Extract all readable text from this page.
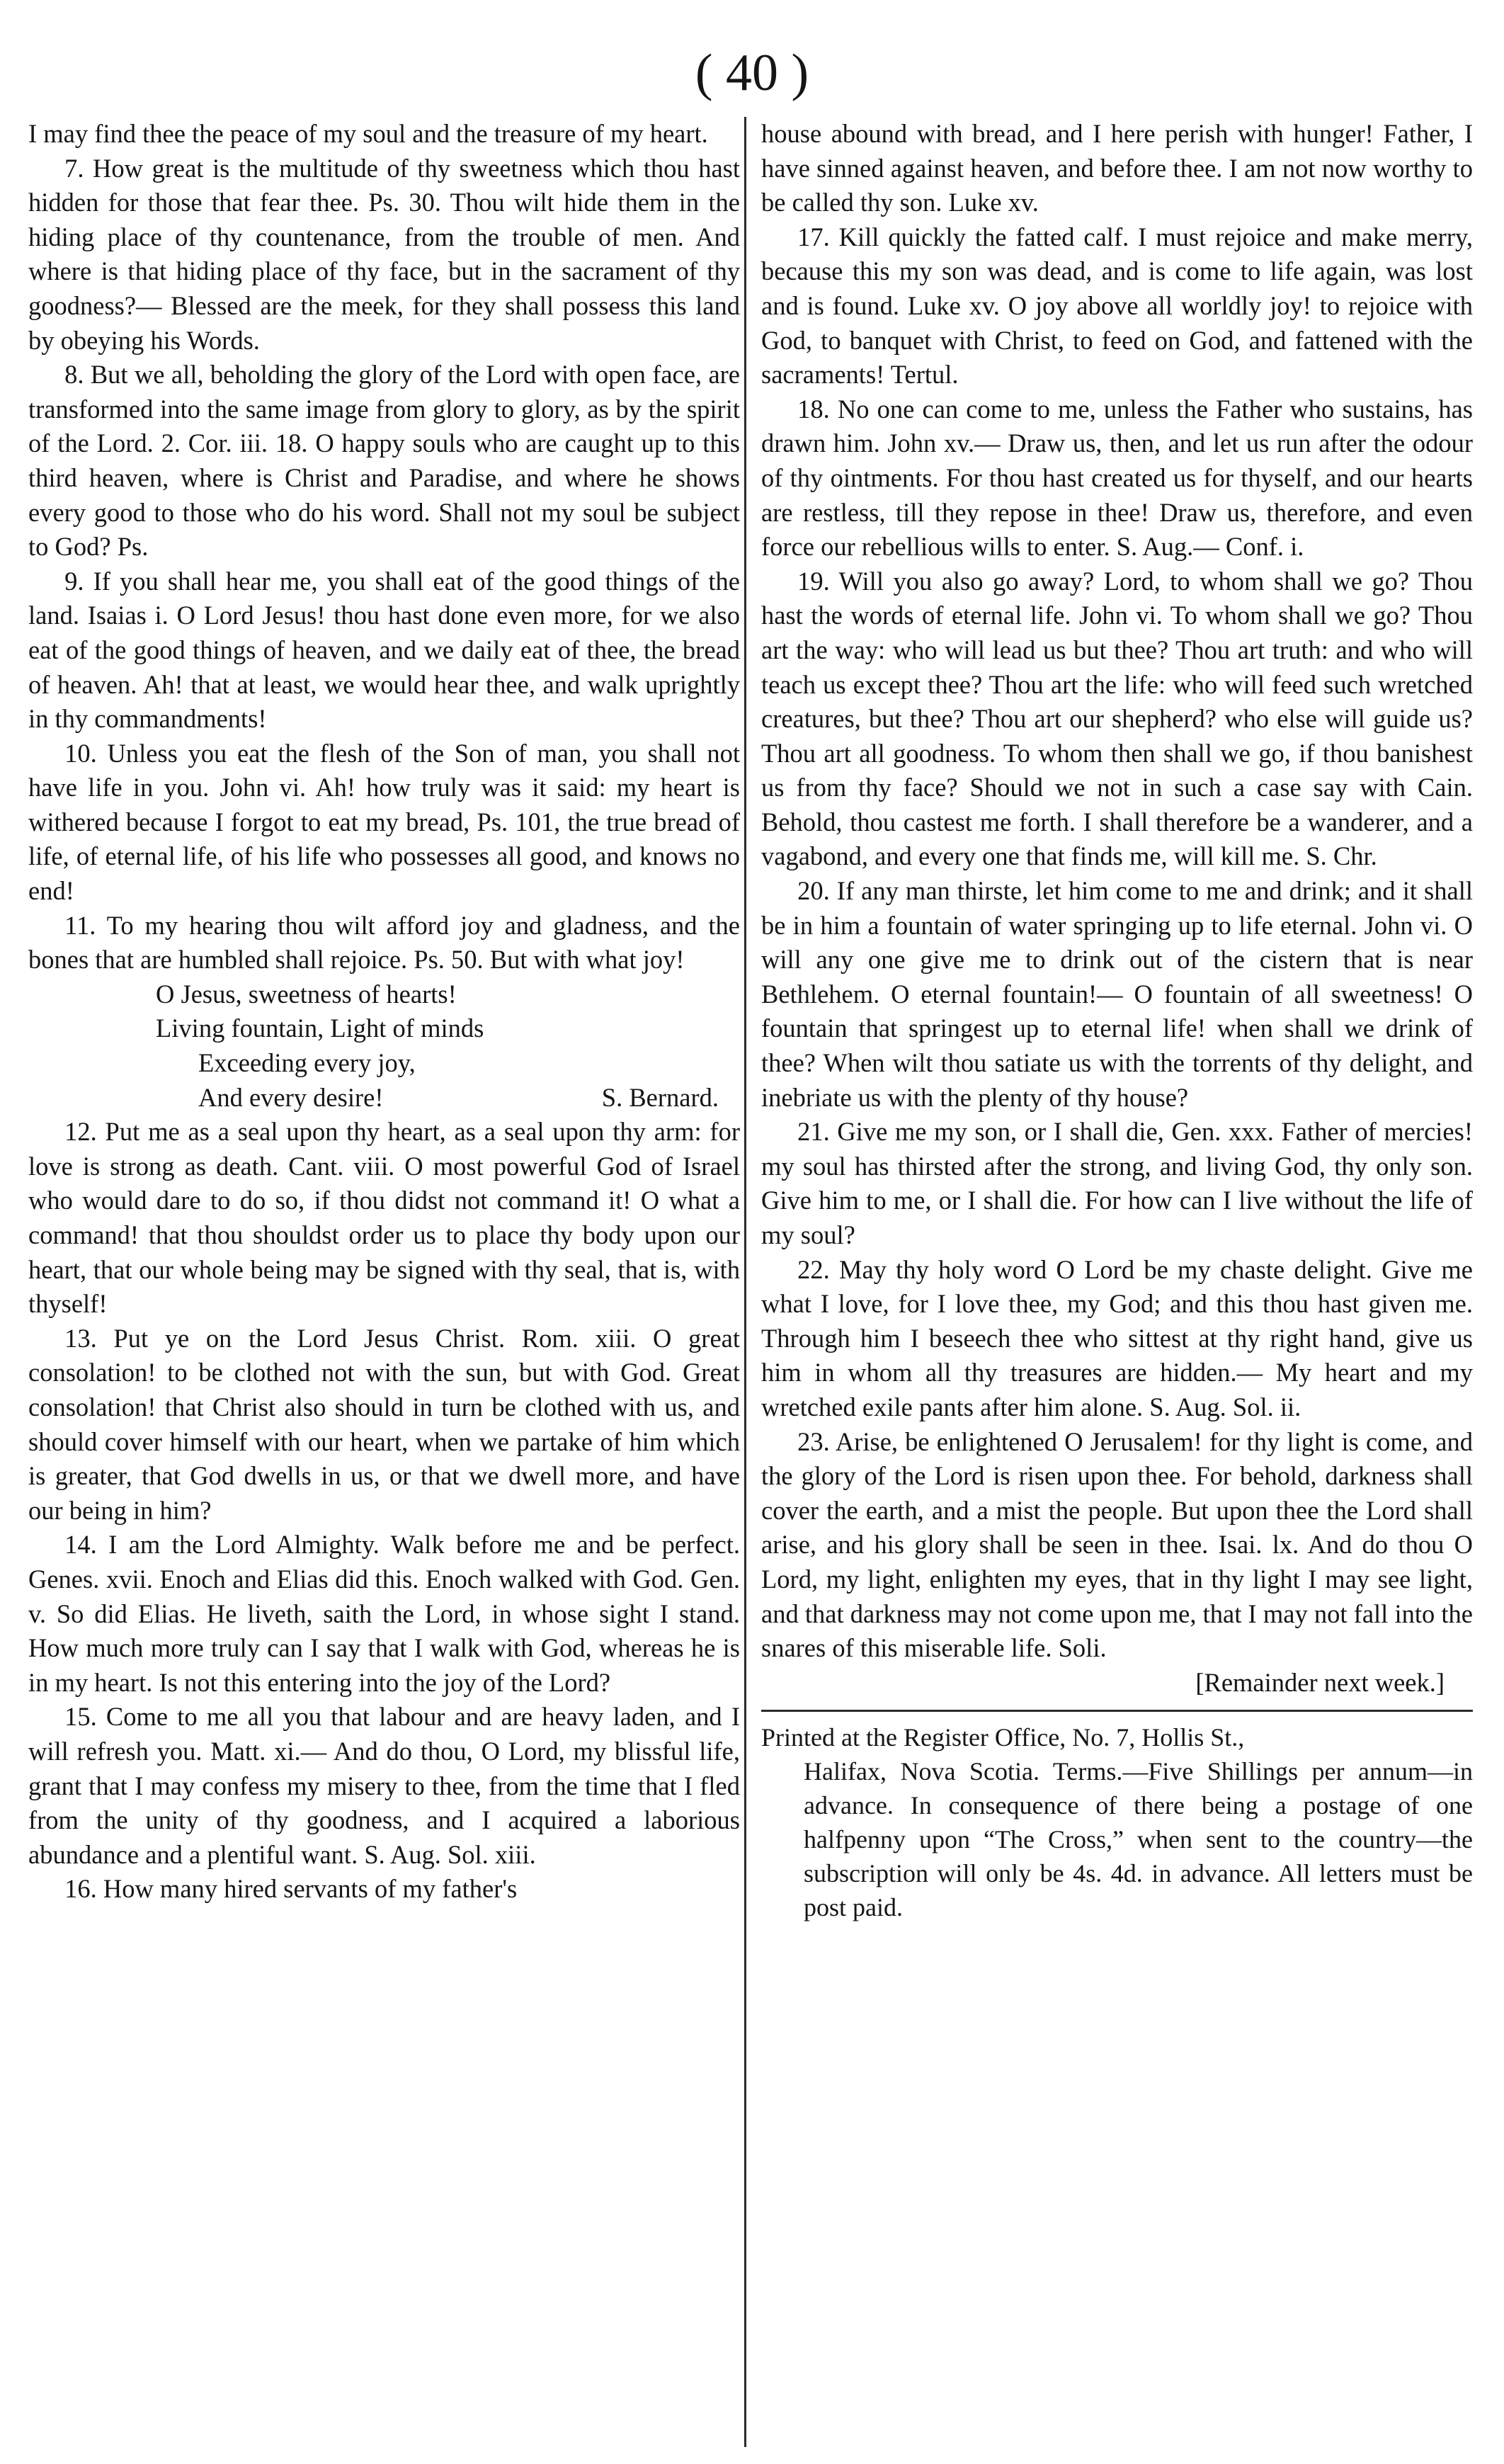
( 40 )

I may find thee the peace of my soul and the treasure of my heart.

7. How great is the multitude of thy sweetness which thou hast hidden for those that fear thee. Ps. 30. Thou wilt hide them in the hiding place of thy countenance, from the trouble of men. And where is that hiding place of thy face, but in the sacrament of thy goodness?— Blessed are the meek, for they shall possess this land by obeying his Words.

8. But we all, beholding the glory of the Lord with open face, are transformed into the same image from glory to glory, as by the spirit of the Lord. 2. Cor. iii. 18. O happy souls who are caught up to this third heaven, where is Christ and Paradise, and where he shows every good to those who do his word. Shall not my soul be subject to God? Ps.

9. If you shall hear me, you shall eat of the good things of the land. Isaias i. O Lord Jesus! thou hast done even more, for we also eat of the good things of heaven, and we daily eat of thee, the bread of heaven. Ah! that at least, we would hear thee, and walk uprightly in thy commandments!

10. Unless you eat the flesh of the Son of man, you shall not have life in you. John vi. Ah! how truly was it said: my heart is withered because I forgot to eat my bread, Ps. 101, the true bread of life, of eternal life, of his life who possesses all good, and knows no end!

11. To my hearing thou wilt afford joy and gladness, and the bones that are humbled shall rejoice. Ps. 50. But with what joy!

O Jesus, sweetness of hearts!
Living fountain, Light of minds
Exceeding every joy,
And every desire!	S. Bernard.

12. Put me as a seal upon thy heart, as a seal upon thy arm: for love is strong as death. Cant. viii. O most powerful God of Israel who would dare to do so, if thou didst not command it! O what a command! that thou shouldst order us to place thy body upon our heart, that our whole being may be signed with thy seal, that is, with thyself!

13. Put ye on the Lord Jesus Christ. Rom. xiii. O great consolation! to be clothed not with the sun, but with God. Great consolation! that Christ also should in turn be clothed with us, and should cover himself with our heart, when we partake of him which is greater, that God dwells in us, or that we dwell more, and have our being in him?

14. I am the Lord Almighty. Walk before me and be perfect. Genes. xvii. Enoch and Elias did this. Enoch walked with God. Gen. v. So did Elias. He liveth, saith the Lord, in whose sight I stand. How much more truly can I say that I walk with God, whereas he is in my heart. Is not this entering into the joy of the Lord?

15. Come to me all you that labour and are heavy laden, and I will refresh you. Matt. xi.— And do thou, O Lord, my blissful life, grant that I may confess my misery to thee, from the time that I fled from the unity of thy goodness, and I acquired a laborious abundance and a plentiful want. S. Aug. Sol. xiii.

16. How many hired servants of my father's

house abound with bread, and I here perish with hunger! Father, I have sinned against heaven, and before thee. I am not now worthy to be called thy son. Luke xv.

17. Kill quickly the fatted calf. I must rejoice and make merry, because this my son was dead, and is come to life again, was lost and is found. Luke xv. O joy above all worldly joy! to rejoice with God, to banquet with Christ, to feed on God, and fattened with the sacraments! Tertul.

18. No one can come to me, unless the Father who sustains, has drawn him. John xv.— Draw us, then, and let us run after the odour of thy ointments. For thou hast created us for thyself, and our hearts are restless, till they repose in thee! Draw us, therefore, and even force our rebellious wills to enter. S. Aug.— Conf. i.

19. Will you also go away? Lord, to whom shall we go? Thou hast the words of eternal life. John vi. To whom shall we go? Thou art the way: who will lead us but thee? Thou art truth: and who will teach us except thee? Thou art the life: who will feed such wretched creatures, but thee? Thou art our shepherd? who else will guide us? Thou art all goodness. To whom then shall we go, if thou banishest us from thy face? Should we not in such a case say with Cain. Behold, thou castest me forth. I shall therefore be a wanderer, and a vagabond, and every one that finds me, will kill me. S. Chr.

20. If any man thirste, let him come to me and drink; and it shall be in him a fountain of water springing up to life eternal. John vi. O will any one give me to drink out of the cistern that is near Bethlehem. O eternal fountain!— O fountain of all sweetness! O fountain that springest up to eternal life! when shall we drink of thee? When wilt thou satiate us with the torrents of thy delight, and inebriate us with the plenty of thy house?

21. Give me my son, or I shall die, Gen. xxx. Father of mercies! my soul has thirsted after the strong, and living God, thy only son. Give him to me, or I shall die. For how can I live without the life of my soul?

22. May thy holy word O Lord be my chaste delight. Give me what I love, for I love thee, my God; and this thou hast given me. Through him I beseech thee who sittest at thy right hand, give us him in whom all thy treasures are hidden.— My heart and my wretched exile pants after him alone. S. Aug. Sol. ii.

23. Arise, be enlightened O Jerusalem! for thy light is come, and the glory of the Lord is risen upon thee. For behold, darkness shall cover the earth, and a mist the people. But upon thee the Lord shall arise, and his glory shall be seen in thee. Isai. lx. And do thou O Lord, my light, enlighten my eyes, that in thy light I may see light, and that darkness may not come upon me, that I may not fall into the snares of this miserable life. Soli.

[Remainder next week.]
Printed at the Register Office, No. 7, Hollis St.,
Halifax, Nova Scotia. Terms.—Five Shillings per annum—in advance. In consequence of there being a postage of one halfpenny upon “The Cross,” when sent to the country—the subscription will only be 4s. 4d. in advance. All letters must be post paid.
